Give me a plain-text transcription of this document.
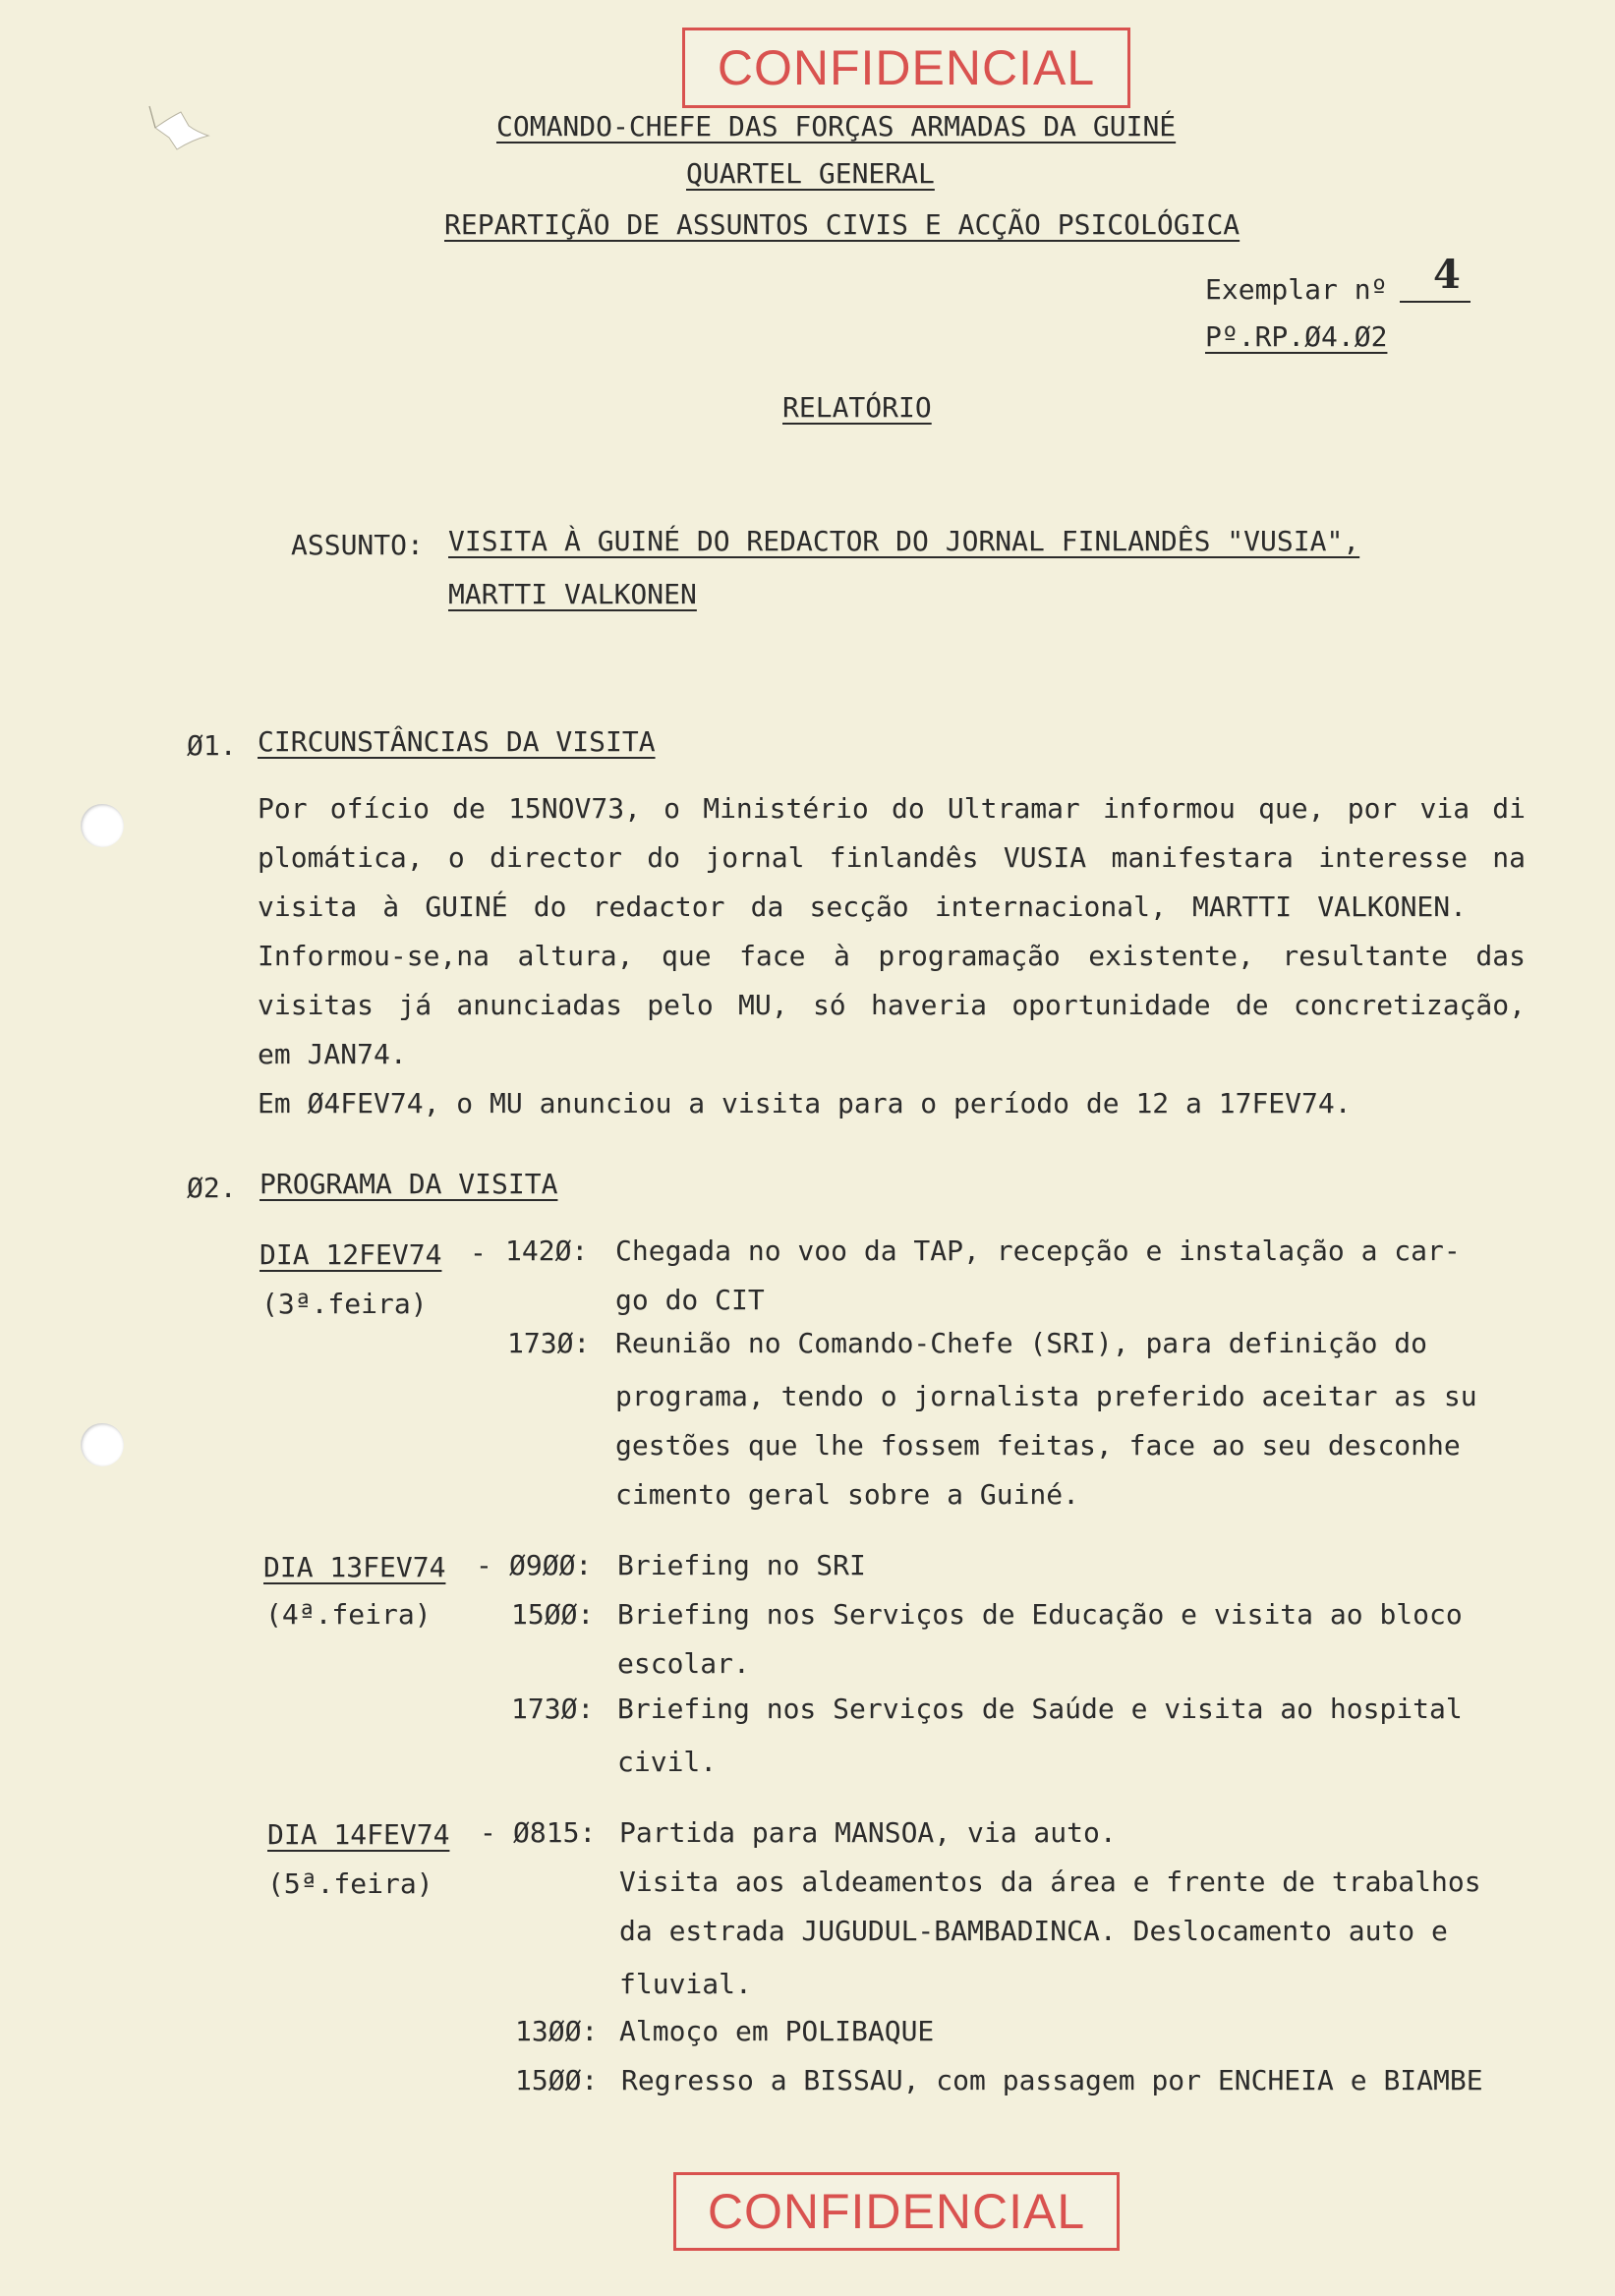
CONFIDENCIAL
COMANDO-CHEFE DAS FORÇAS ARMADAS DA GUINÉ
QUARTEL GENERAL
REPARTIÇÃO DE ASSUNTOS CIVIS E ACÇÃO PSICOLÓGICA
Exemplar nº 4
Pº.RP.Ø4.Ø2
RELATÓRIO
ASSUNTO: VISITA À GUINÉ DO REDACTOR DO JORNAL FINLANDÊS "VUSIA",
MARTTI VALKONEN
Ø1. CIRCUNSTÂNCIAS DA VISITA
Por ofício de 15NOV73, o Ministério do Ultramar informou que, por via di
plomática, o director do jornal finlandês VUSIA manifestara interesse na
visita à GUINÉ do redactor da secção internacional, MARTTI VALKONEN.
Informou-se,na altura, que face à programação existente, resultante das
visitas já anunciadas pelo MU, só haveria oportunidade de concretização,
em JAN74.
Em Ø4FEV74, o MU anunciou a visita para o período de 12 a 17FEV74.
Ø2. PROGRAMA DA VISITA
DIA 12FEV74 -
(3ª.feira)
142Ø: Chegada no voo da TAP, recepção e instalação a car-
go do CIT
173Ø: Reunião no Comando-Chefe (SRI), para definição do
programa, tendo o jornalista preferido aceitar as su
gestões que lhe fossem feitas, face ao seu desconhe
cimento geral sobre a Guiné.
DIA 13FEV74 -
(4ª.feira)
Ø9ØØ: Briefing no SRI
15ØØ: Briefing nos Serviços de Educação e visita ao bloco
escolar.
173Ø: Briefing nos Serviços de Saúde e visita ao hospital
civil.
DIA 14FEV74 -
(5ª.feira)
Ø815: Partida para MANSOA, via auto.
Visita aos aldeamentos da área e frente de trabalhos
da estrada JUGUDUL-BAMBADINCA. Deslocamento auto e
fluvial.
13ØØ: Almoço em POLIBAQUE
15ØØ: Regresso a BISSAU, com passagem por ENCHEIA e BIAMBE
CONFIDENCIAL
